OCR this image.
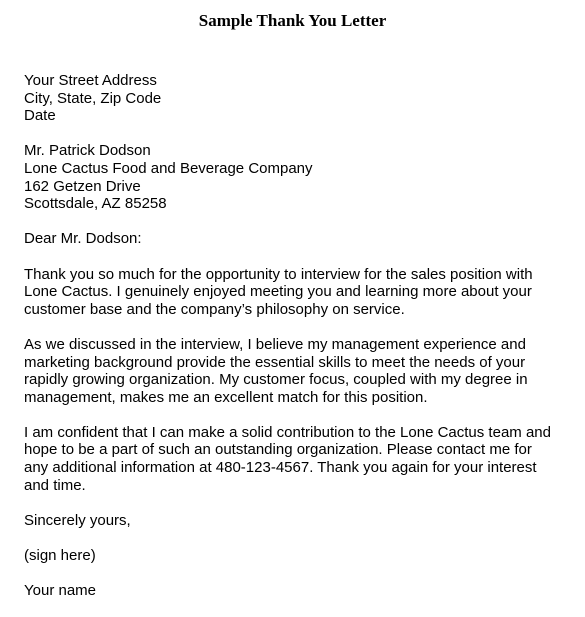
Sample Thank You Letter
Your Street Address
City, State, Zip Code
Date
Mr. Patrick Dodson
Lone Cactus Food and Beverage Company
162 Getzen Drive
Scottsdale, AZ 85258
Dear Mr. Dodson:
Thank you so much for the opportunity to interview for the sales position with
Lone Cactus. I genuinely enjoyed meeting you and learning more about your
customer base and the company’s philosophy on service.
As we discussed in the interview, I believe my management experience and
marketing background provide the essential skills to meet the needs of your
rapidly growing organization. My customer focus, coupled with my degree in
management, makes me an excellent match for this position.
I am confident that I can make a solid contribution to the Lone Cactus team and
hope to be a part of such an outstanding organization. Please contact me for
any additional information at 480-123-4567. Thank you again for your interest
and time.
Sincerely yours,
(sign here)
Your name
